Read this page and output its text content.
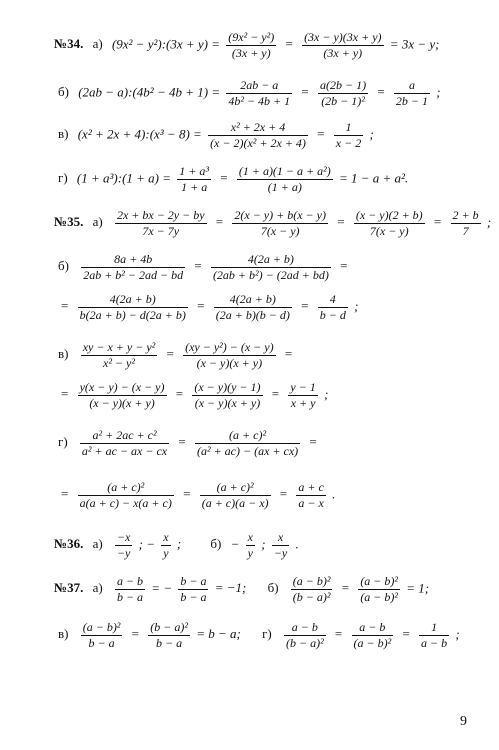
№34. а) (9x² − y²):(3x + $y) = \frac{\text{(9x² − y²)}}{(3x + y)} = \frac{(3x - y)(3x + y)}{(3x + y)} = 3x - y$;
б) (2ab − a):(4b² − $4b + 1) = \frac{2ab - a}{\text{4b² − 4b + 1}} = \frac{a(2b - 1)}{\text{(2b − 1)²}} = \frac{a}{2b - 1}$ ;
в) (x² + 2x + 4):(x³ − $8) = \frac{\text{x² + 2x + 4}}{\text{(x − 2)(x² + 2x + 4)}} = \frac{1}{x - 2}$ ;
г) (1 + a³):(1 + $a) = \frac{\text{1 + a³}}{1 + a} = \frac{\text{(1 + a)(1 − a + a²)}}{(1 + a)} = 1 - a + a^2$.
№35. $а) \frac{2x + bx - 2y - by}{7x - 7y} = \frac{2(x - y) + b(x - y)}{7(x - y)} = \frac{(x - y)(2 + b)}{7(x - y)} = \frac{2 + b}{7}$ ;
$б) \frac{8a + 4b}{\text{2ab + b² − 2ad − bd}} = \frac{4(2a + b)}{\text{(2ab + b²) − (2ad + bd)}}$ =
= $\frac{4(2a + b)}{b(2a + b) - d(2a + b)} = \frac{4(2a + b)}{(2a + b)(b - d)} = \frac{4}{b - d}$ ;
$в) \frac{\text{xy − x + y − y²}}{\text{x² − y²}} = \frac{\text{(xy − y²) − (x − y)}}{(x - y)(x + y)}$ =
= $\frac{y(x - y) - (x - y)}{(x - y)(x + y)} = \frac{(x - y)(y - 1)}{(x - y)(x + y)} = \frac{y - 1}{x + y}$ ;
$г) \frac{\text{a² + 2ac + c²}}{\text{a² + ac − ax − cx}} = \frac{\text{(a + c)²}}{\text{(a² + ac) − (ax + cx)}}$ =
= $\frac{\text{(a + c)²}}{a(a + c) - x(a + c)} = \frac{\text{(a + c)²}}{(a + c)(a - x)} = \frac{a + c}{a - x}$ .
№36. $а) \frac{-x}{-y}$ ; − $\frac{x}{y}$ ; $б) - \frac{x}{y}$ ; $\frac{x}{-y}$ .
№37. $а) \frac{a - b}{b - a}$ = − $\frac{b - a}{b - a} = -1$; $б) \frac{\text{(a − b)²}}{\text{(b − a)²}} = \frac{\text{(a − b)²}}{\text{(a − b)²}} = 1$;
$в) \frac{\text{(a − b)²}}{b - a} = \frac{\text{(b − a)²}}{b - a} = b - a$; $г) \frac{a - b}{\text{(b − a)²}} = \frac{a - b}{\text{(a − b)²}} = \frac{1}{a - b}$ ;
9
